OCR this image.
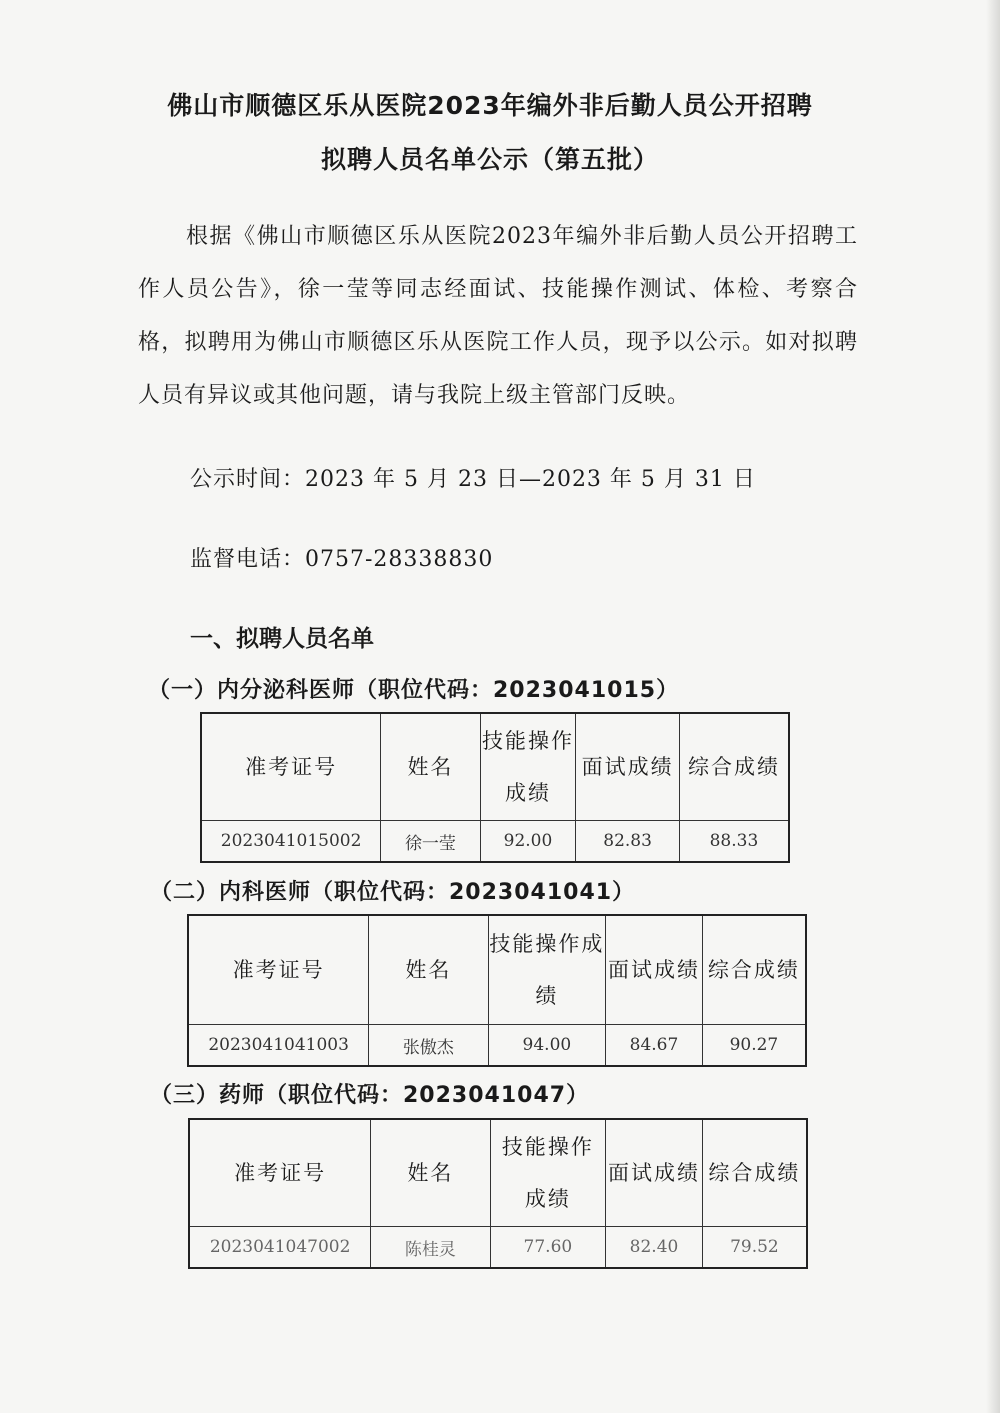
佛山市顺德区乐从医院2023年编外非后勤人员公开招聘
拟聘人员名单公示（第五批）
根据《佛山市顺德区乐从医院2023年编外非后勤人员公开招聘工作人员公告》，徐一莹等同志经面试、技能操作测试、体检、考察合格，拟聘用为佛山市顺德区乐从医院工作人员，现予以公示。如对拟聘人员有异议或其他问题，请与我院上级主管部门反映。
公示时间：2023 年 5 月 23 日—2023 年 5 月 31 日
监督电话：0757-28338830
一、拟聘人员名单
（一）内分泌科医师（职位代码：2023041015）
准考证号	姓名	技能操作成绩	面试成绩	综合成绩
2023041015002	徐一莹	92.00	82.83	88.33
（二）内科医师（职位代码：2023041041）
准考证号	姓名	技能操作成绩	面试成绩	综合成绩
2023041041003	张傲杰	94.00	84.67	90.27
（三）药师（职位代码：2023041047）
准考证号	姓名	技能操作成绩	面试成绩	综合成绩
2023041047002	陈桂灵	77.60	82.40	79.52
